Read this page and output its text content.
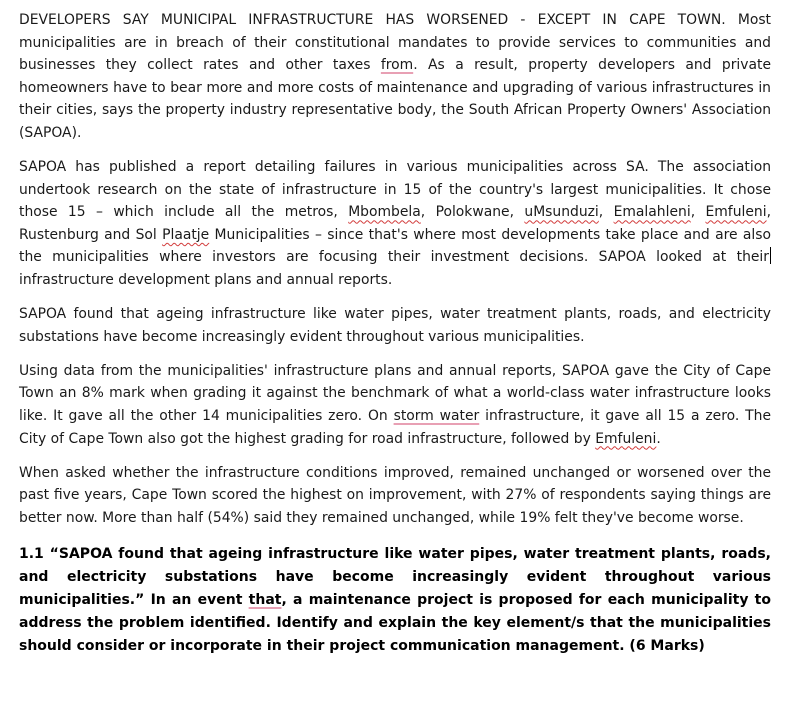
DEVELOPERS SAY MUNICIPAL INFRASTRUCTURE HAS WORSENED - EXCEPT IN CAPE TOWN. Most municipalities are in breach of their constitutional mandates to provide services to communities and businesses they collect rates and other taxes from. As a result, property developers and private homeowners have to bear more and more costs of maintenance and upgrading of various infrastructures in their cities, says the property industry representative body, the South African Property Owners' Association (SAPOA).

SAPOA has published a report detailing failures in various municipalities across SA. The association undertook research on the state of infrastructure in 15 of the country's largest municipalities. It chose those 15 – which include all the metros, Mbombela, Polokwane, uMsunduzi, Emalahleni, Emfuleni, Rustenburg and Sol Plaatje Municipalities – since that's where most developments take place and are also the municipalities where investors are focusing their investment decisions. SAPOA looked at their infrastructure development plans and annual reports.

SAPOA found that ageing infrastructure like water pipes, water treatment plants, roads, and electricity substations have become increasingly evident throughout various municipalities.

Using data from the municipalities' infrastructure plans and annual reports, SAPOA gave the City of Cape Town an 8% mark when grading it against the benchmark of what a world-class water infrastructure looks like. It gave all the other 14 municipalities zero. On storm water infrastructure, it gave all 15 a zero. The City of Cape Town also got the highest grading for road infrastructure, followed by Emfuleni.

When asked whether the infrastructure conditions improved, remained unchanged or worsened over the past five years, Cape Town scored the highest on improvement, with 27% of respondents saying things are better now. More than half (54%) said they remained unchanged, while 19% felt they've become worse.

1.1 “SAPOA found that ageing infrastructure like water pipes, water treatment plants, roads, and electricity substations have become increasingly evident throughout various municipalities.” In an event that, a maintenance project is proposed for each municipality to address the problem identified. Identify and explain the key element/s that the municipalities should consider or incorporate in their project communication management. (6 Marks)
